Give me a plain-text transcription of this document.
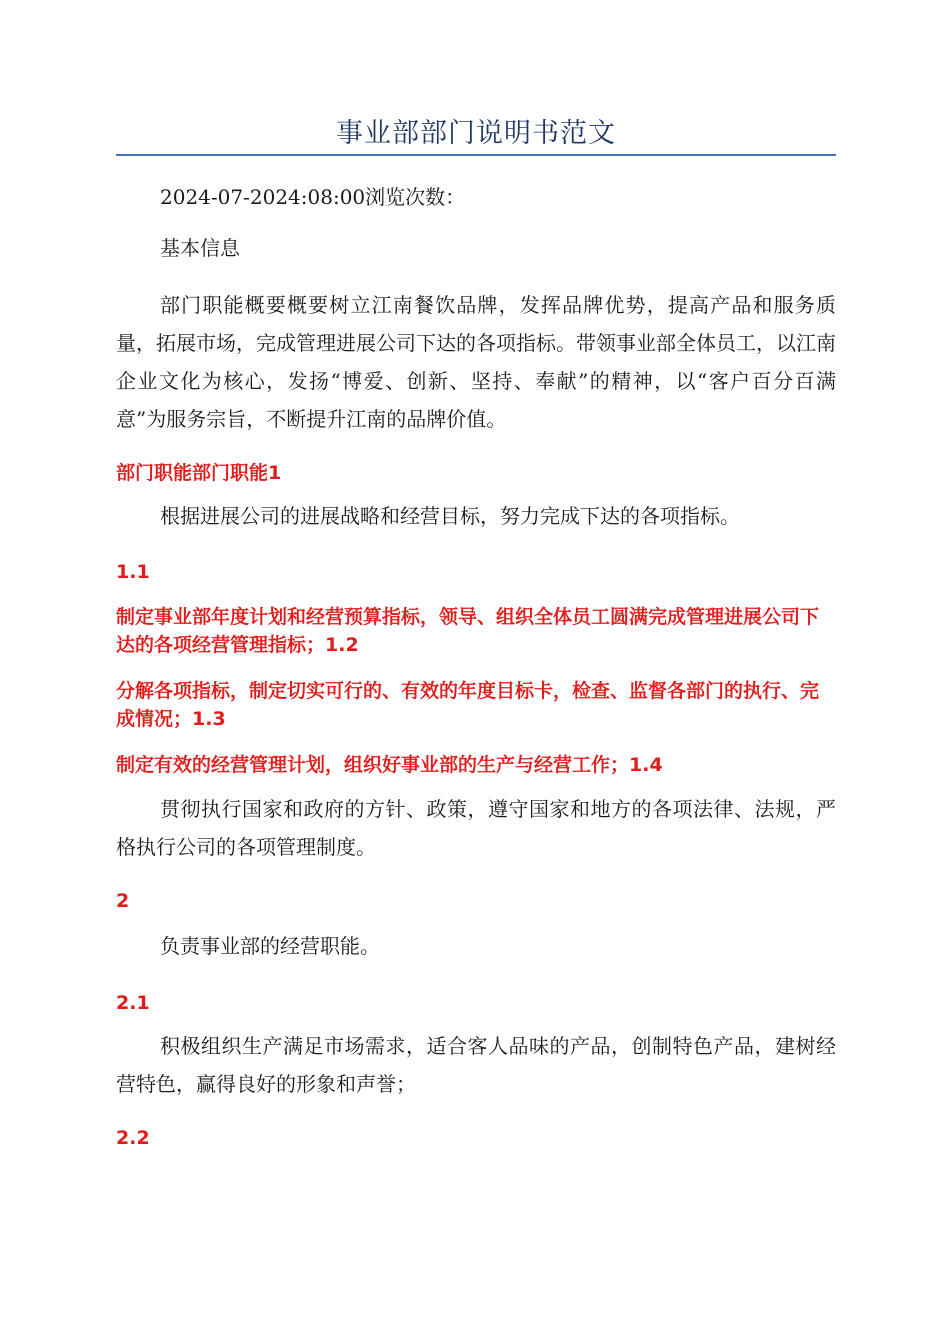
事业部部门说明书范文

2024-07-2024:08:00浏览次数：

基本信息

部门职能概要概要树立江南餐饮品牌，发挥品牌优势，提高产品和服务质量，拓展市场，完成管理进展公司下达的各项指标。带领事业部全体员工，以江南企业文化为核心，发扬“博爱、创新、坚持、奉献”的精神，以“客户百分百满意”为服务宗旨，不断提升江南的品牌价值。

部门职能部门职能1

根据进展公司的进展战略和经营目标，努力完成下达的各项指标。

1.1

制定事业部年度计划和经营预算指标，领导、组织全体员工圆满完成管理进展公司下达的各项经营管理指标；1.2

分解各项指标，制定切实可行的、有效的年度目标卡，检查、监督各部门的执行、完成情况；1.3

制定有效的经营管理计划，组织好事业部的生产与经营工作；1.4

贯彻执行国家和政府的方针、政策，遵守国家和地方的各项法律、法规，严格执行公司的各项管理制度。

2

负责事业部的经营职能。

2.1

积极组织生产满足市场需求，适合客人品味的产品，创制特色产品，建树经营特色，赢得良好的形象和声誉；

2.2
